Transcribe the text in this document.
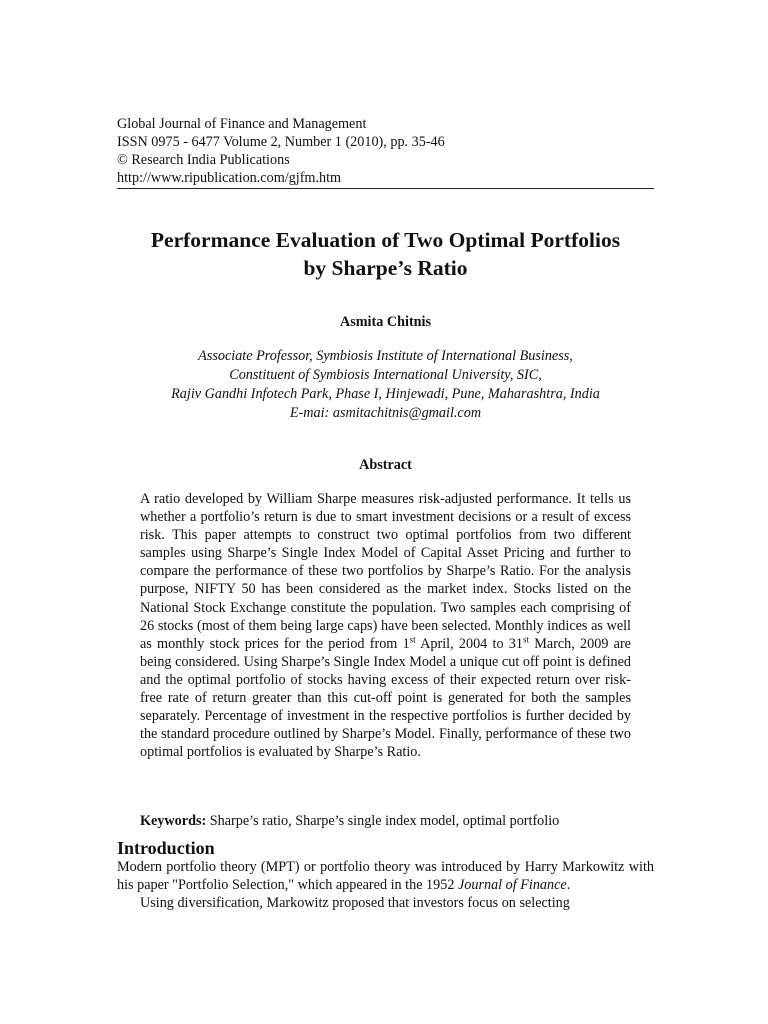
Global Journal of Finance and Management
ISSN 0975 - 6477 Volume 2, Number 1 (2010), pp. 35-46
© Research India Publications
http://www.ripublication.com/gjfm.htm
Performance Evaluation of Two Optimal Portfolios
by Sharpe’s Ratio
Asmita Chitnis
Associate Professor, Symbiosis Institute of International Business,
Constituent of Symbiosis International University, SIC,
Rajiv Gandhi Infotech Park, Phase I, Hinjewadi, Pune, Maharashtra, India
E-mai: asmitachitnis@gmail.com
Abstract
A ratio developed by William Sharpe measures risk-adjusted performance. It tells us whether a portfolio’s return is due to smart investment decisions or a result of excess risk. This paper attempts to construct two optimal portfolios from two different samples using Sharpe’s Single Index Model of Capital Asset Pricing and further to compare the performance of these two portfolios by Sharpe’s Ratio. For the analysis purpose, NIFTY 50 has been considered as the market index. Stocks listed on the National Stock Exchange constitute the population. Two samples each comprising of 26 stocks (most of them being large caps) have been selected. Monthly indices as well as monthly stock prices for the period from 1st April, 2004 to 31st March, 2009 are being considered. Using Sharpe’s Single Index Model a unique cut off point is defined and the optimal portfolio of stocks having excess of their expected return over risk-free rate of return greater than this cut-off point is generated for both the samples separately. Percentage of investment in the respective portfolios is further decided by the standard procedure outlined by Sharpe’s Model. Finally, performance of these two optimal portfolios is evaluated by Sharpe’s Ratio.
Keywords: Sharpe’s ratio, Sharpe’s single index model, optimal portfolio
Introduction

Modern portfolio theory (MPT) or portfolio theory was introduced by Harry Markowitz with his paper "Portfolio Selection," which appeared in the 1952 Journal of Finance.

Using diversification, Markowitz proposed that investors focus on selecting
